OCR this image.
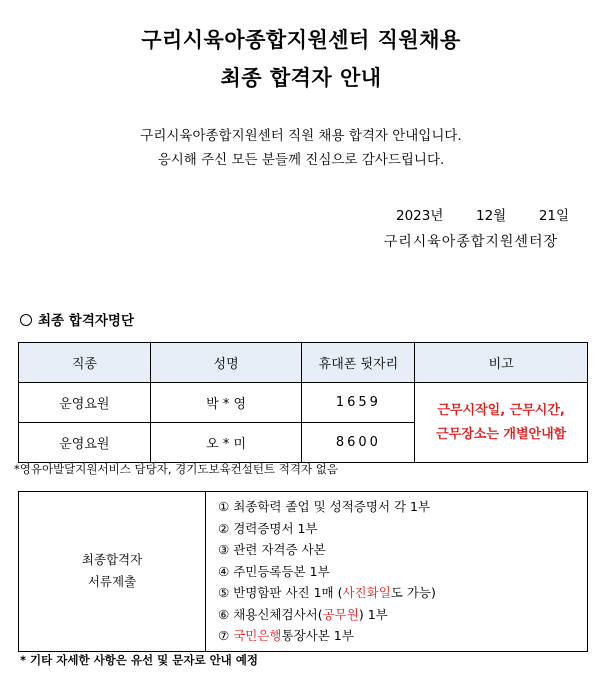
구리시육아종합지원센터 직원채용
최종 합격자 안내
구리시육아종합지원센터 직원 채용 합격자 안내입니다.
응시해 주신 모든 분들께 진심으로 감사드립니다.
2023년 12월 21일
구리시육아종합지원센터장
최종 합격자명단
직종	성명	휴대폰 뒷자리	비고
운영요원	박 * 영	1659	근무시작일, 근무시간,
근무장소는 개별안내함

운영요원	오 * 미	8600	
*영유아발달지원서비스 담당자, 경기도보육컨설턴트 적격자 없음
최종합격자
서류제출

① 최종학력 졸업 및 성적증명서 각 1부
② 경력증명서 1부
③ 관련 자격증 사본
④ 주민등록등본 1부
⑤ 반명함판 사진 1매 (사진화일도 가능)
⑥ 채용신체검사서(공무원) 1부
⑦ 국민은행통장사본 1부
* 기타 자세한 사항은 유선 및 문자로 안내 예정
